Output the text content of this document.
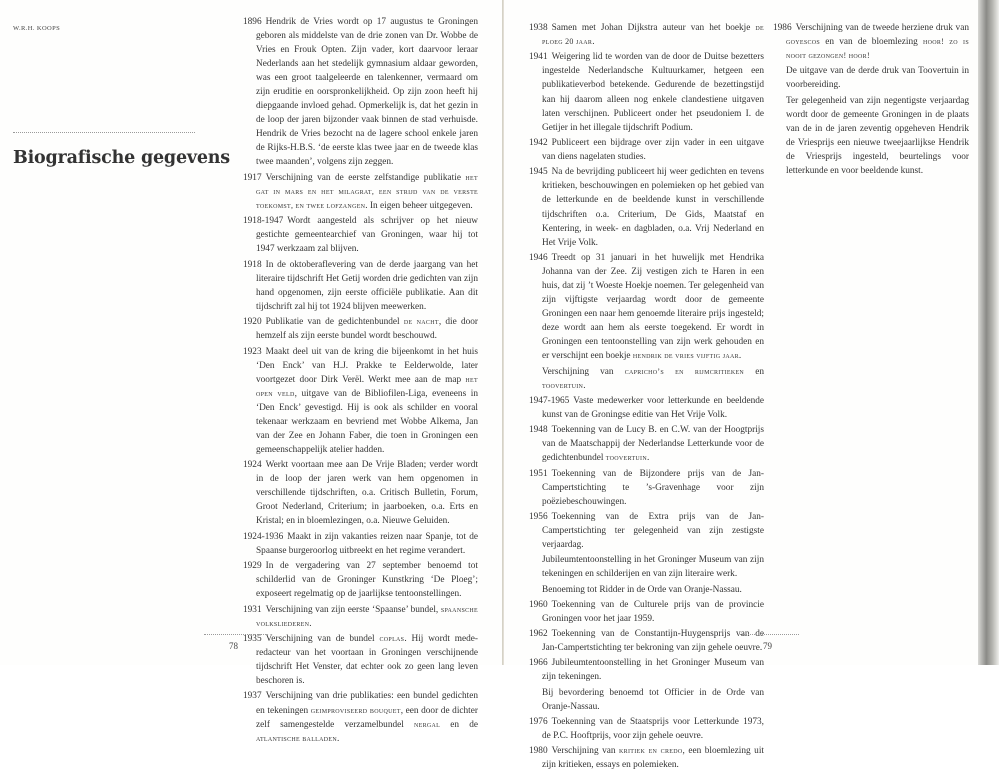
W.R.H. KOOPS
Biografische gegevens

1896 Hendrik de Vries wordt op 17 augustus te Groningen geboren als middelste van de drie zonen van Dr. Wobbe de Vries en Frouk Opten. Zijn vader, kort daarvoor leraar Nederlands aan het stedelijk gymnasium aldaar geworden, was een groot taalgeleerde en talenkenner, vermaard om zijn eruditie en oorspronkelijkheid. Op zijn zoon heeft hij diepgaande invloed gehad. Opmerkelijk is, dat het gezin in de loop der jaren bijzonder vaak binnen de stad verhuisde. Hendrik de Vries bezocht na de lagere school enkele jaren de Rijks-H.B.S. ‘de eerste klas twee jaar en de tweede klas twee maanden’, volgens zijn zeggen.

1917 Verschijning van de eerste zelfstandige publikatie het gat in mars en het milagrat, een strijd van de verste toekomst, en twee lofzangen. In eigen beheer uitgegeven.

1918-1947 Wordt aangesteld als schrijver op het nieuw gestichte gemeentearchief van Groningen, waar hij tot 1947 werkzaam zal blijven.

1918 In de oktoberaflevering van de derde jaargang van het literaire tijdschrift Het Getij worden drie gedichten van zijn hand opgenomen, zijn eerste officiële publikatie. Aan dit tijdschrift zal hij tot 1924 blijven meewerken.

1920 Publikatie van de gedichtenbundel de nacht, die door hemzelf als zijn eerste bundel wordt beschouwd.

1923 Maakt deel uit van de kring die bijeenkomt in het huis ‘Den Enck’ van H.J. Prakke te Eelderwolde, later voortgezet door Dirk Verël. Werkt mee aan de map het open veld, uitgave van de Bibliofilen-Liga, eveneens in ‘Den Enck’ gevestigd. Hij is ook als schilder en vooral tekenaar werkzaam en bevriend met Wobbe Alkema, Jan van der Zee en Johann Faber, die toen in Groningen een gemeenschappelijk atelier hadden.

1924 Werkt voortaan mee aan De Vrije Bladen; verder wordt in de loop der jaren werk van hem opgenomen in verschillende tijdschriften, o.a. Critisch Bulletin, Forum, Groot Nederland, Criterium; in jaarboeken, o.a. Erts en Kristal; en in bloemlezingen, o.a. Nieuwe Geluiden.

1924-1936 Maakt in zijn vakanties reizen naar Spanje, tot de Spaanse burgeroorlog uitbreekt en het regime verandert.

1929 In de vergadering van 27 september benoemd tot schilderlid van de Groninger Kunstkring ‘De Ploeg’; exposeert regelmatig op de jaarlijkse tentoonstellingen.

1931 Verschijning van zijn eerste ‘Spaanse’ bundel, spaansche volksliederen.

1935 Verschijning van de bundel coplas. Hij wordt mede-redacteur van het voortaan in Groningen verschijnende tijdschrift Het Venster, dat echter ook zo geen lang leven beschoren is.

1937 Verschijning van drie publikaties: een bundel gedichten en tekeningen geimproviseerd bouquet, een door de dichter zelf samengestelde verzamelbundel nergal en de atlantische balladen.

78

1938 Samen met Johan Dijkstra auteur van het boekje de ploeg 20 jaar.

1941 Weigering lid te worden van de door de Duitse bezetters ingestelde Nederlandsche Kultuurkamer, hetgeen een publikatieverbod betekende. Gedurende de bezettingstijd kan hij daarom alleen nog enkele clandestiene uitgaven laten verschijnen. Publiceert onder het pseudoniem I. de Getijer in het illegale tijdschrift Podium.

1942 Publiceert een bijdrage over zijn vader in een uitgave van diens nagelaten studies.

1945 Na de bevrijding publiceert hij weer gedichten en tevens kritieken, beschouwingen en polemieken op het gebied van de letterkunde en de beeldende kunst in verschillende tijdschriften o.a. Criterium, De Gids, Maatstaf en Kentering, in week- en dagbladen, o.a. Vrij Nederland en Het Vrije Volk.

1946 Treedt op 31 januari in het huwelijk met Hendrika Johanna van der Zee. Zij vestigen zich te Haren in een huis, dat zij ’t Woeste Hoekje noemen. Ter gelegenheid van zijn vijftigste verjaardag wordt door de gemeente Groningen een naar hem genoemde literaire prijs ingesteld; deze wordt aan hem als eerste toegekend. Er wordt in Groningen een tentoonstelling van zijn werk gehouden en er verschijnt een boekje hendrik de vries vijftig jaar.

Verschijning van capricho’s en rijmcritieken en toovertuin.

1947-1965 Vaste medewerker voor letterkunde en beeldende kunst van de Groningse editie van Het Vrije Volk.

1948 Toekenning van de Lucy B. en C.W. van der Hoogtprijs van de Maatschappij der Nederlandse Letterkunde voor de gedichtenbundel toovertuin.

1951 Toekenning van de Bijzondere prijs van de Jan-Campertstichting te ’s-Gravenhage voor zijn poëziebeschouwingen.

1956 Toekenning van de Extra prijs van de Jan-Campertstichting ter gelegenheid van zijn zestigste verjaardag.

Jubileumtentoonstelling in het Groninger Museum van zijn tekeningen en schilderijen en van zijn literaire werk.

Benoeming tot Ridder in de Orde van Oranje-Nassau.

1960 Toekenning van de Culturele prijs van de provincie Groningen voor het jaar 1959.

1962 Toekenning van de Constantijn-Huygensprijs van de Jan-Campertstichting ter bekroning van zijn gehele oeuvre.

1966 Jubileumtentoonstelling in het Groninger Museum van zijn tekeningen.

Bij bevordering benoemd tot Officier in de Orde van Oranje-Nassau.

1976 Toekenning van de Staatsprijs voor Letterkunde 1973, de P.C. Hooftprijs, voor zijn gehele oeuvre.

1980 Verschijning van kritiek en credo, een bloemlezing uit zijn kritieken, essays en polemieken.

1986 Verschijning van de tweede herziene druk van goyescos en van de bloemlezing hoor! zo is nooit gezongen! hoor!

De uitgave van de derde druk van Toovertuin in voorbereiding.

Ter gelegenheid van zijn negentigste verjaardag wordt door de gemeente Groningen in de plaats van de in de jaren zeventig opgeheven Hendrik de Vriesprijs een nieuwe tweejaarlijkse Hendrik de Vriesprijs ingesteld, beurtelings voor letterkunde en voor beeldende kunst.

79
